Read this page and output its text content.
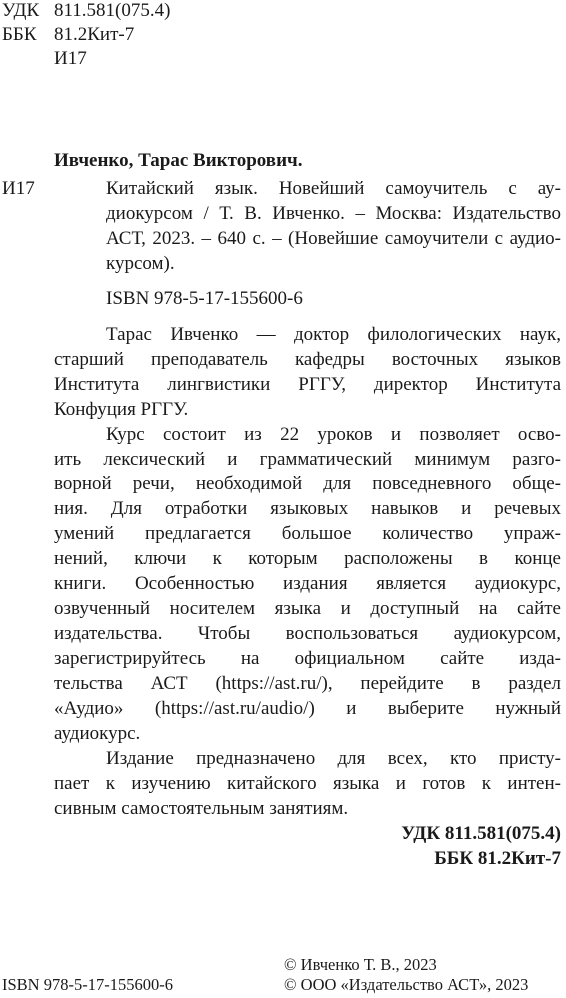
УДК 811.581(075.4)
ББК 81.2Кит-7
И17
Ивченко, Тарас Викторович.
И17	Китайский язык. Новейший самоучитель с ау-
диокурсом / Т. В. Ивченко. – Москва: Издательство
АСТ, 2023. – 640 с. – (Новейшие самоучители с аудио-
курсом).
ISBN 978-5-17-155600-6
Тарас Ивченко — доктор филологических наук,
старший преподаватель кафедры восточных языков
Института лингвистики РГГУ, директор Института
Конфуция РГГУ.
Курс состоит из 22 уроков и позволяет осво-
ить лексический и грамматический минимум разго-
ворной речи, необходимой для повседневного обще-
ния. Для отработки языковых навыков и речевых
умений предлагается большое количество упраж-
нений, ключи к которым расположены в конце
книги. Особенностью издания является аудиокурс,
озвученный носителем языка и доступный на сайте
издательства. Чтобы воспользоваться аудиокурсом,
зарегистрируйтесь на официальном сайте изда-
тельства АСТ (https://ast.ru/), перейдите в раздел
«Аудио» (https://ast.ru/audio/) и выберите нужный
аудиокурс.
Издание предназначено для всех, кто присту-
пает к изучению китайского языка и готов к интен-
сивным самостоятельным занятиям.
УДК 811.581(075.4)
ББК 81.2Кит-7
ISBN 978-5-17-155600-6
© Ивченко Т. В., 2023
© ООО «Издательство АСТ», 2023
